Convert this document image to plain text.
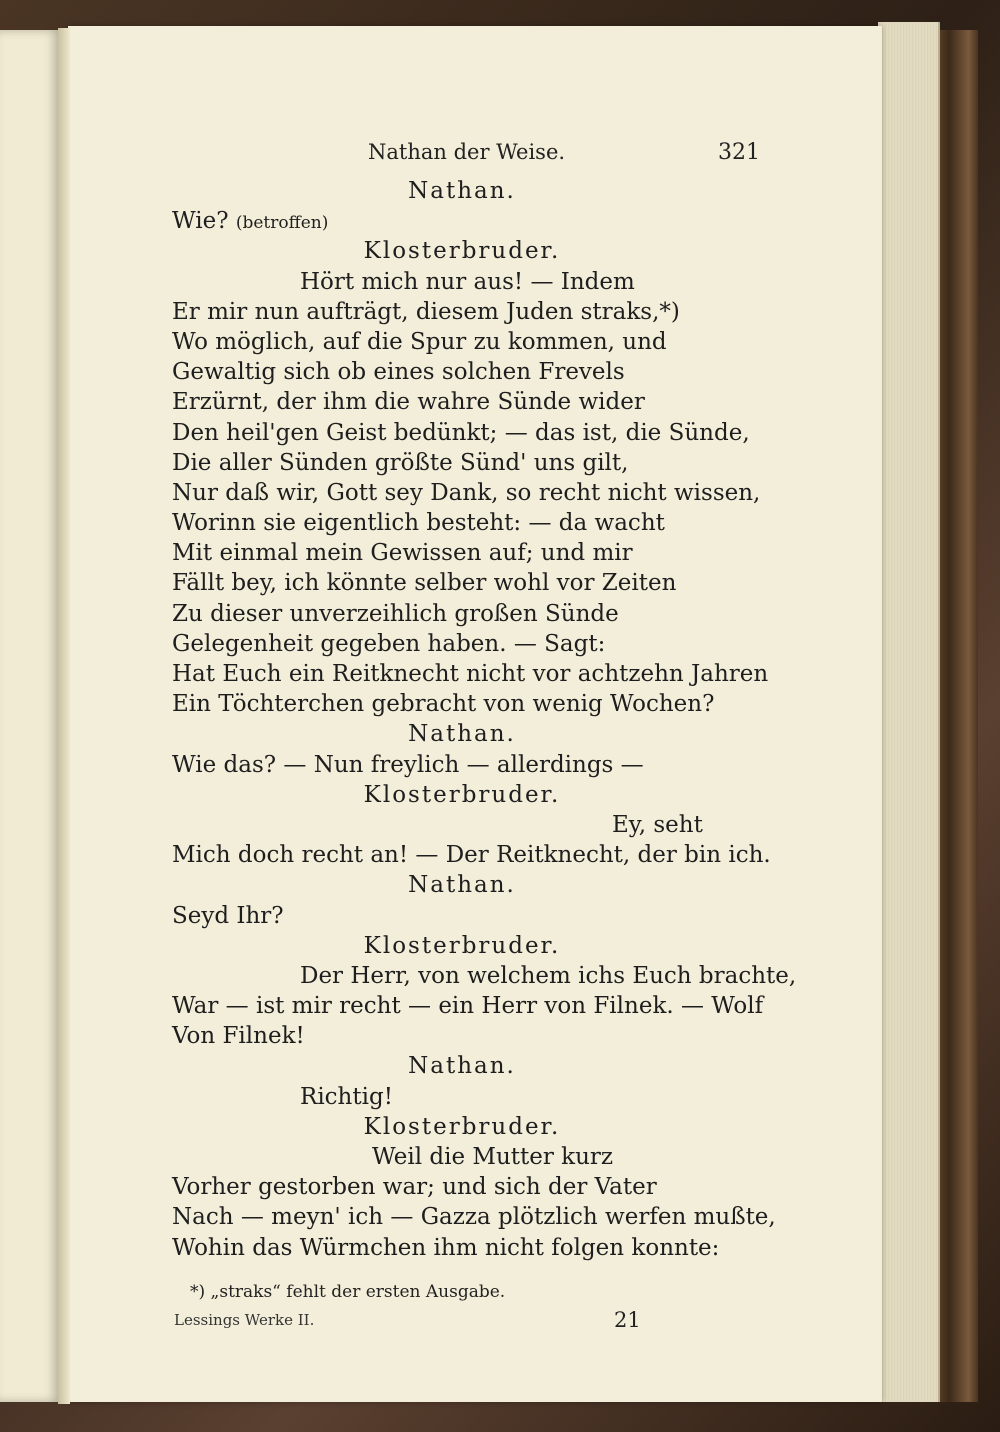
Nathan der Weise.	321
Nathan.
Wie? (betroffen)
Klosterbruder.
Hört mich nur aus! — Indem
Er mir nun aufträgt, diesem Juden straks,*)
Wo möglich, auf die Spur zu kommen, und
Gewaltig sich ob eines solchen Frevels
Erzürnt, der ihm die wahre Sünde wider
Den heil'gen Geist bedünkt; — das ist, die Sünde,
Die aller Sünden größte Sünd' uns gilt,
Nur daß wir, Gott sey Dank, so recht nicht wissen,
Worinn sie eigentlich besteht: — da wacht
Mit einmal mein Gewissen auf; und mir
Fällt bey, ich könnte selber wohl vor Zeiten
Zu dieser unverzeihlich großen Sünde
Gelegenheit gegeben haben. — Sagt:
Hat Euch ein Reitknecht nicht vor achtzehn Jahren
Ein Töchterchen gebracht von wenig Wochen?
Nathan.
Wie das? — Nun freylich — allerdings —
Klosterbruder.
Ey, seht
Mich doch recht an! — Der Reitknecht, der bin ich.
Nathan.
Seyd Ihr?
Klosterbruder.
Der Herr, von welchem ichs Euch brachte,
War — ist mir recht — ein Herr von Filnek. — Wolf
Von Filnek!
Nathan.
Richtig!
Klosterbruder.
Weil die Mutter kurz
Vorher gestorben war; und sich der Vater
Nach — meyn' ich — Gazza plötzlich werfen mußte,
Wohin das Würmchen ihm nicht folgen konnte:
*) „straks“ fehlt der ersten Ausgabe.
Lessings Werke II.	21
